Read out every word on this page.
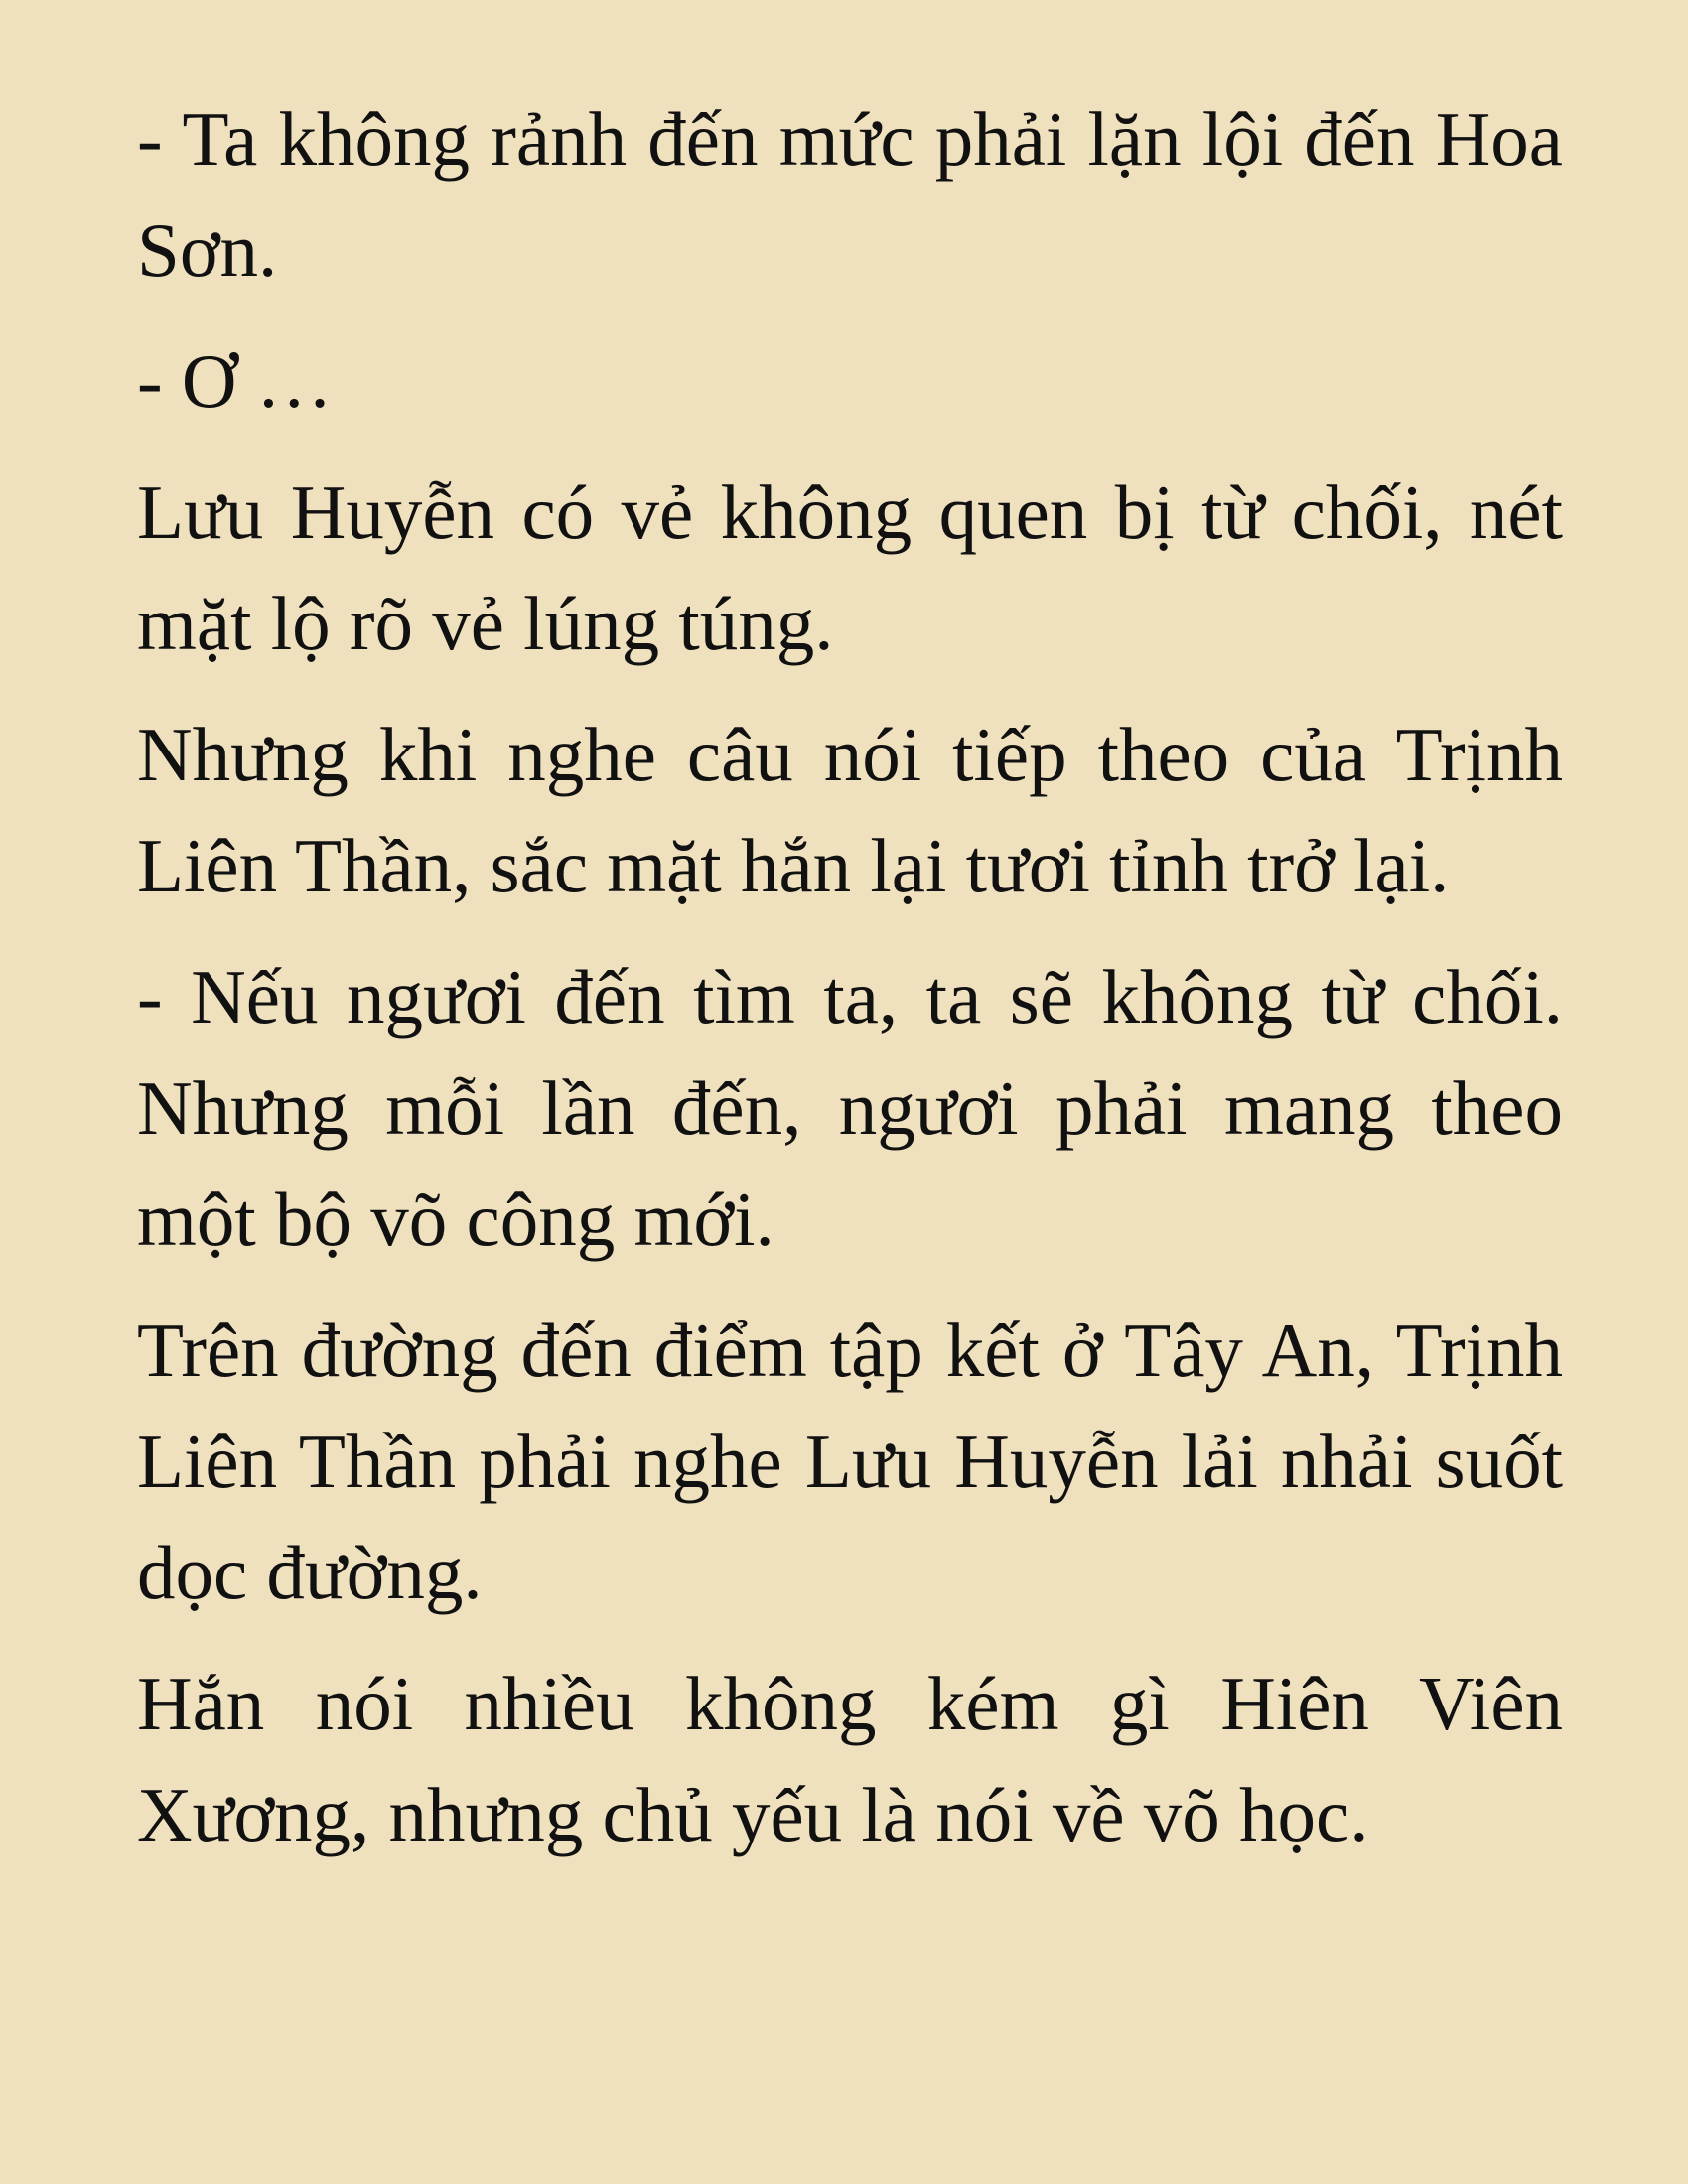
- Ta không rảnh đến mức phải lặn lội đến Hoa Sơn.

- Ơ …

Lưu Huyễn có vẻ không quen bị từ chối, nét mặt lộ rõ vẻ lúng túng.

Nhưng khi nghe câu nói tiếp theo của Trịnh Liên Thần, sắc mặt hắn lại tươi tỉnh trở lại.

- Nếu ngươi đến tìm ta, ta sẽ không từ chối. Nhưng mỗi lần đến, ngươi phải mang theo một bộ võ công mới.

Trên đường đến điểm tập kết ở Tây An, Trịnh Liên Thần phải nghe Lưu Huyễn lải nhải suốt dọc đường.

Hắn nói nhiều không kém gì Hiên Viên Xương, nhưng chủ yếu là nói về võ học.
